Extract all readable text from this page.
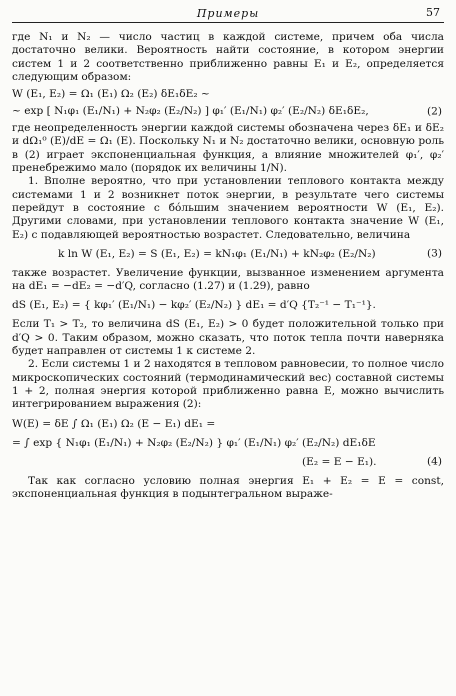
Примеры	57

где N₁ и N₂ — число частиц в каждой системе, причем оба числа достаточно велики. Вероятность найти состояние, в котором энергии систем 1 и 2 соответственно приближенно равны E₁ и E₂, определяется следующим образом:

W (E₁, E₂) = Ω₁ (E₁) Ω₂ (E₂) δE₁δE₂ ~
~ exp [ N₁φ₁ (E₁/N₁) + N₂φ₂ (E₂/N₂) ] φ₁′ (E₁/N₁) φ₂′ (E₂/N₂) δE₁δE₂,	(2)

где неопределенность энергии каждой системы обозначена через δE₁ и δE₂ и dΩ₁⁰ (E)/dE = Ω₁ (E). Поскольку N₁ и N₂ достаточно велики, основную роль в (2) играет экспоненциальная функция, а влияние множителей φ₁′, φ₂′ пренебрежимо мало (порядок их величины 1/N).

1. Вполне вероятно, что при установлении теплового контакта между системами 1 и 2 возникнет поток энергии, в результате чего системы перейдут в состояние с бо́льшим значением вероятности W (E₁, E₂). Другими словами, при установлении теплового контакта значение W (E₁, E₂) с подавляющей вероятностью возрастет. Следовательно, величина

k ln W (E₁, E₂) = S (E₁, E₂) = kN₁φ₁ (E₁/N₁) + kN₂φ₂ (E₂/N₂)	(3)

также возрастет. Увеличение функции, вызванное изменением аргумента на dE₁ = −dE₂ = −d′Q, согласно (1.27) и (1.29), равно

dS (E₁, E₂) = { kφ₁′ (E₁/N₁) − kφ₂′ (E₂/N₂) } dE₁ = d′Q {T₂⁻¹ − T₁⁻¹}.

Если T₁ > T₂, то величина dS (E₁, E₂) > 0 будет положительной только при d′Q > 0. Таким образом, можно сказать, что поток тепла почти наверняка будет направлен от системы 1 к системе 2.

2. Если системы 1 и 2 находятся в тепловом равновесии, то полное число микроскопических состояний (термодинамический вес) составной системы 1 + 2, полная энергия которой приближенно равна E, можно вычислить интегрированием выражения (2):

W(E) = δE ∫ Ω₁ (E₁) Ω₂ (E − E₁) dE₁ =
= ∫ exp { N₁φ₁ (E₁/N₁) + N₂φ₂ (E₂/N₂) } φ₁′ (E₁/N₁) φ₂′ (E₂/N₂) dE₁δE
(E₂ = E − E₁).	(4)

Так как согласно условию полная энергия E₁ + E₂ = E = const, экспоненциальная функция в подынтегральном выраже-
